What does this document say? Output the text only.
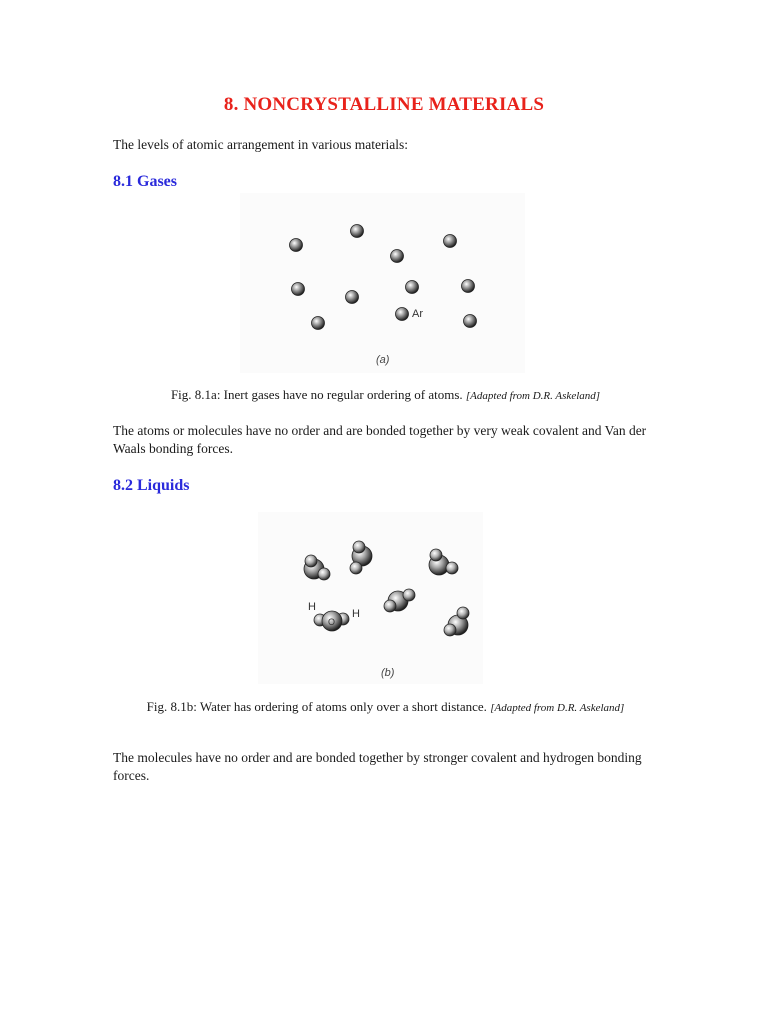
8. NONCRYSTALLINE MATERIALS
The levels of atomic arrangement in various materials:
8.1 Gases
Ar
(a)
Fig. 8.1a: Inert gases have no regular ordering of atoms. [Adapted from D.R. Askeland]
The atoms or molecules have no order and are bonded together by very weak covalent and Van der Waals bonding forces.
8.2 Liquids
H
O
H
(b)
Fig. 8.1b: Water has ordering of atoms only over a short distance. [Adapted from D.R. Askeland]
The molecules have no order and are bonded together by stronger covalent and hydrogen bonding forces.
